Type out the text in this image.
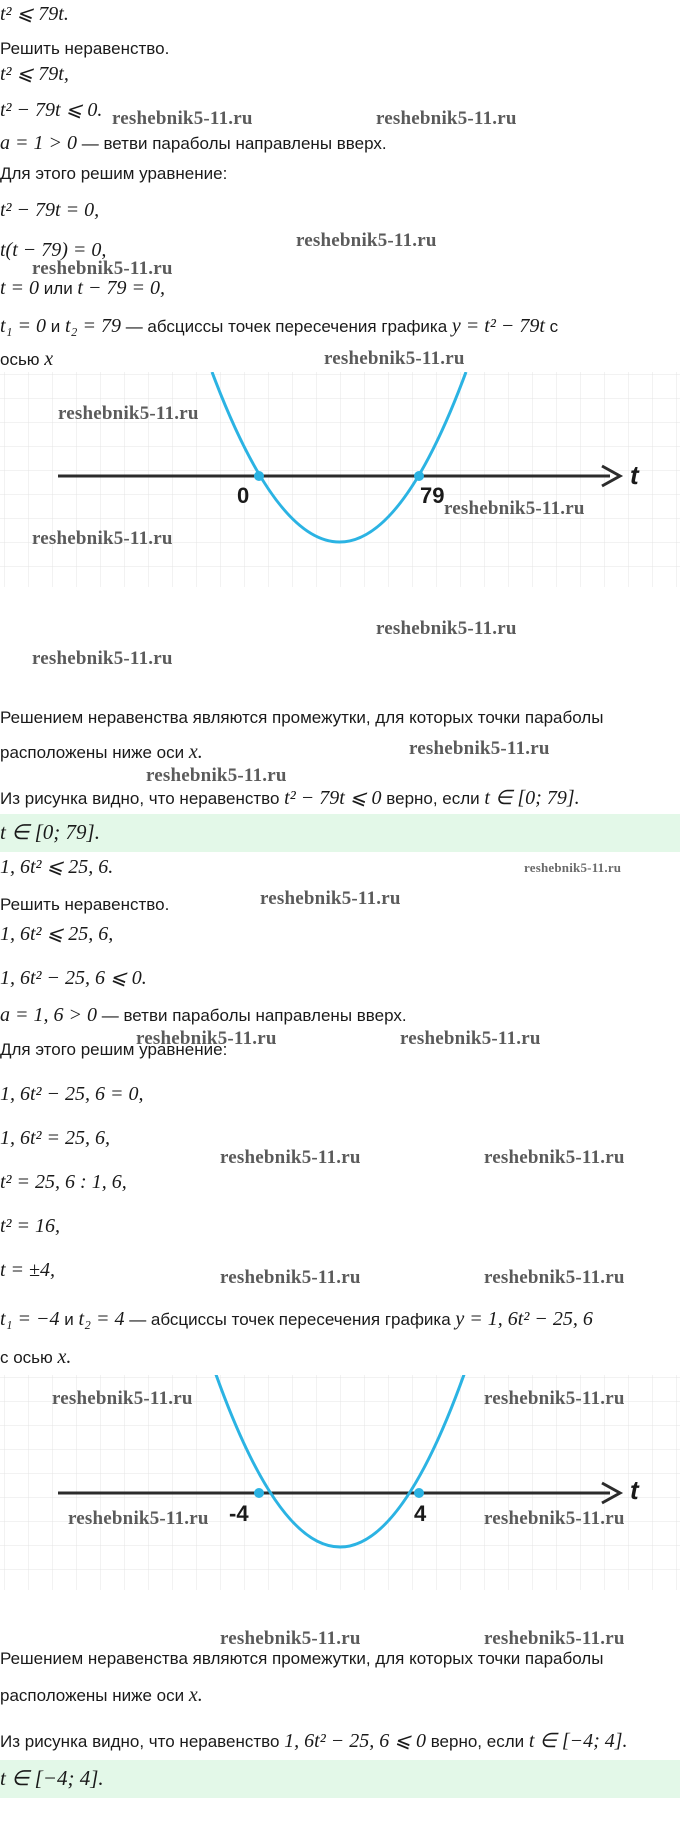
t² ⩽ 79t.
Решить неравенство.
t² ⩽ 79t,
t² − 79t ⩽ 0.
a = 1 > 0 — ветви параболы направлены вверх.
Для этого решим уравнение:
t² − 79t = 0,
t(t − 79) = 0,
t = 0 или t − 79 = 0,
t₁ = 0 и t₂ = 79 — абсциссы точек пересечения графика y = t² − 79t с
осью x
0	79
t
Решением неравенства являются промежутки, для которых точки параболы
расположены ниже оси x.
Из рисунка видно, что неравенство t² − 79t ⩽ 0 верно, если t ∈ [0; 79].
t ∈ [0; 79].
1, 6t² ⩽ 25, 6.
Решить неравенство.
1, 6t² ⩽ 25, 6,
1, 6t² − 25, 6 ⩽ 0.
a = 1, 6 > 0 — ветви параболы направлены вверх.
Для этого решим уравнение:
1, 6t² − 25, 6 = 0,
1, 6t² = 25, 6,
t² = 25, 6 : 1, 6,
t² = 16,
t = ±4,
t₁ = −4 и t₂ = 4 — абсциссы точек пересечения графика y = 1, 6t² − 25, 6
с осью x.
-4	4
t
Решением неравенства являются промежутки, для которых точки параболы
расположены ниже оси x.
Из рисунка видно, что неравенство 1, 6t² − 25, 6 ⩽ 0 верно, если t ∈ [−4; 4].
t ∈ [−4; 4].
reshebnik5-11.ru	reshebnik5-11.ru
reshebnik5-11.ru
reshebnik5-11.ru
reshebnik5-11.ru
reshebnik5-11.ru
reshebnik5-11.ru
reshebnik5-11.ru
reshebnik5-11.ru
reshebnik5-11.ru
reshebnik5-11.ru
reshebnik5-11.ru
reshebnik5-11.ru
reshebnik5-11.ru
reshebnik5-11.ru	reshebnik5-11.ru
reshebnik5-11.ru	reshebnik5-11.ru
reshebnik5-11.ru	reshebnik5-11.ru
reshebnik5-11.ru	reshebnik5-11.ru
reshebnik5-11.ru	reshebnik5-11.ru
reshebnik5-11.ru	reshebnik5-11.ru
